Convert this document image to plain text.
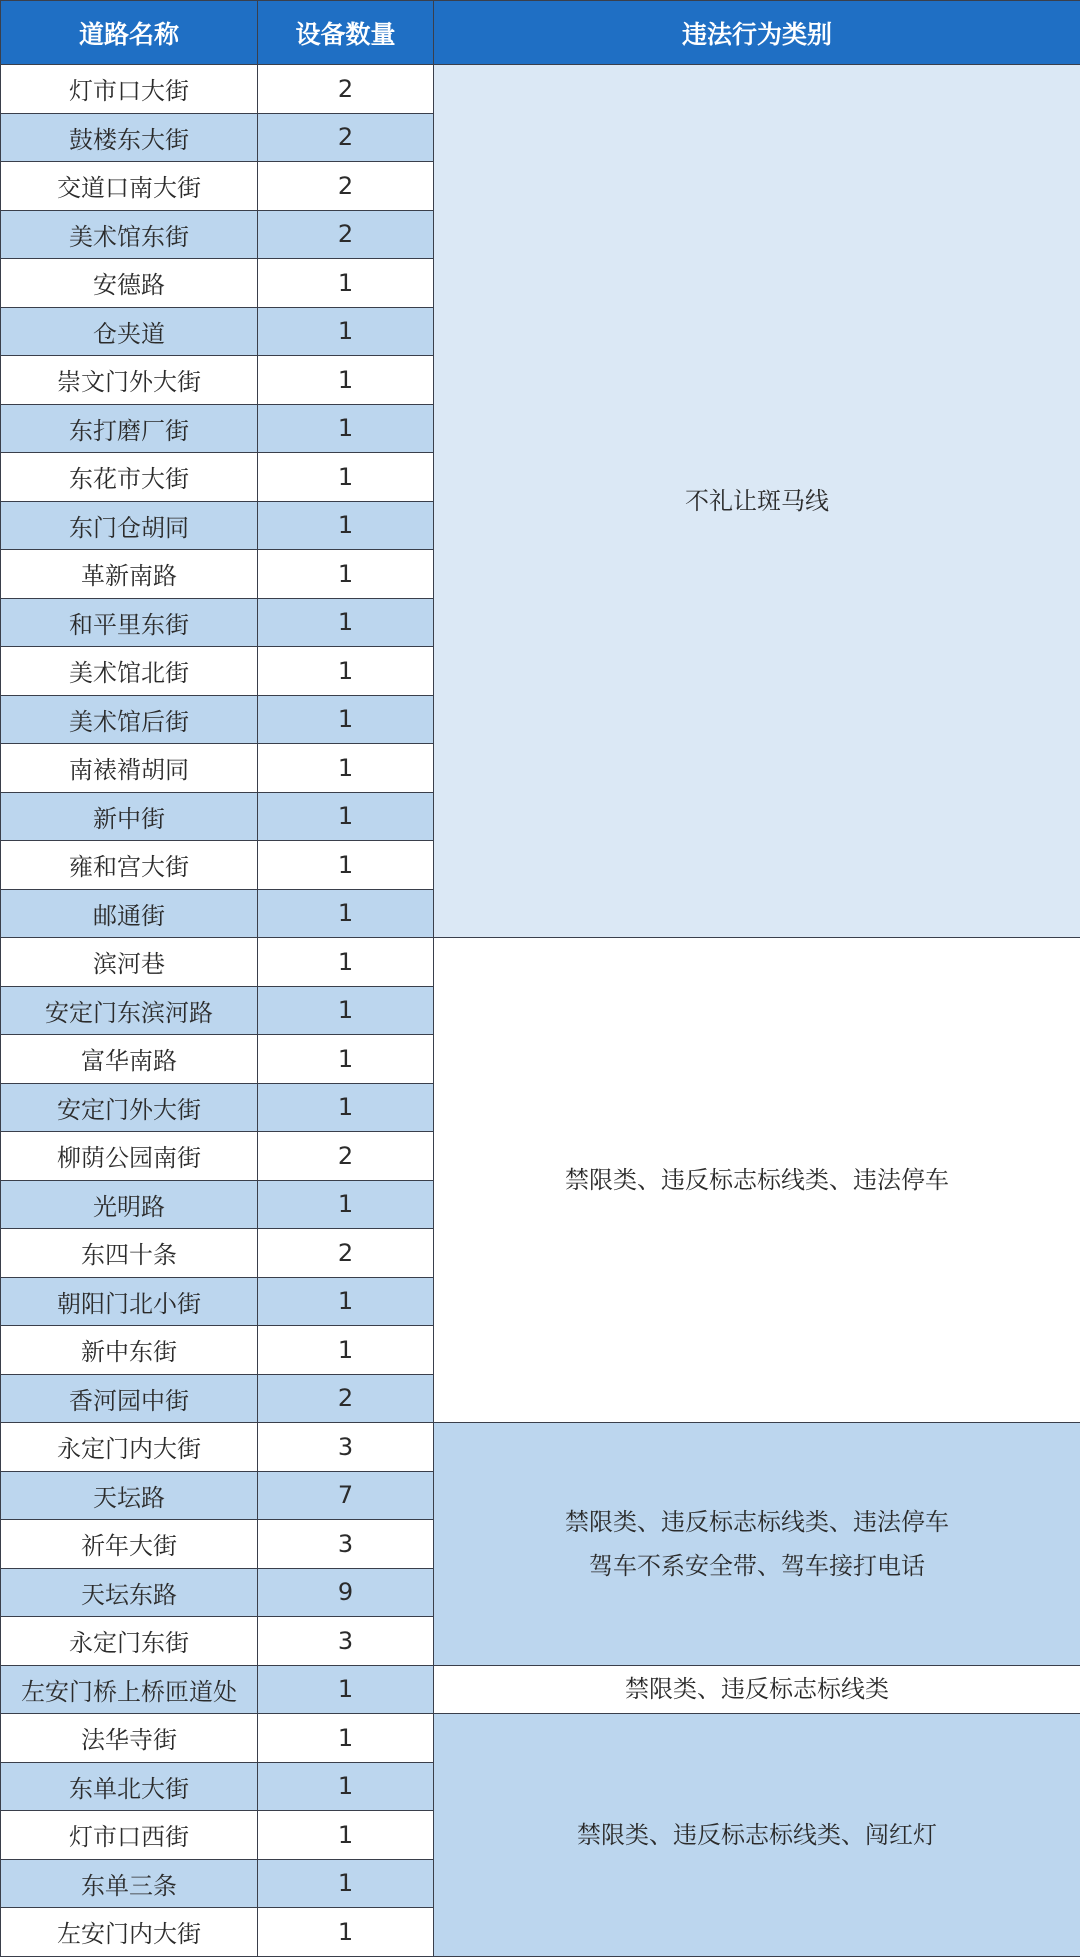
道路名称	设备数量	违法行为类别
灯市口大街	2	不礼让斑马线

鼓楼东大街	2	
交道口南大街	2	
美术馆东街	2	
安德路	1	
仓夹道	1	
崇文门外大街	1	
东打磨厂街	1	
东花市大街	1	
东门仓胡同	1	
革新南路	1	
和平里东街	1	
美术馆北街	1	
美术馆后街	1	
南裱褙胡同	1	
新中街	1	
雍和宫大街	1	
邮通街	1	
滨河巷	1	禁限类、违反标志标线类、违法停车

安定门东滨河路	1	
富华南路	1	
安定门外大街	1	
柳荫公园南街	2	
光明路	1	
东四十条	2	
朝阳门北小街	1	
新中东街	1	
香河园中街	2	
永定门内大街	3	禁限类、违反标志标线类、违法停车
驾车不系安全带、驾车接打电话

天坛路	7	
祈年大街	3	
天坛东路	9	
永定门东街	3	
左安门桥上桥匝道处	1	禁限类、违反标志标线类

法华寺街	1	禁限类、违反标志标线类、闯红灯

东单北大街	1	
灯市口西街	1	
东单三条	1	
左安门内大街	1	
